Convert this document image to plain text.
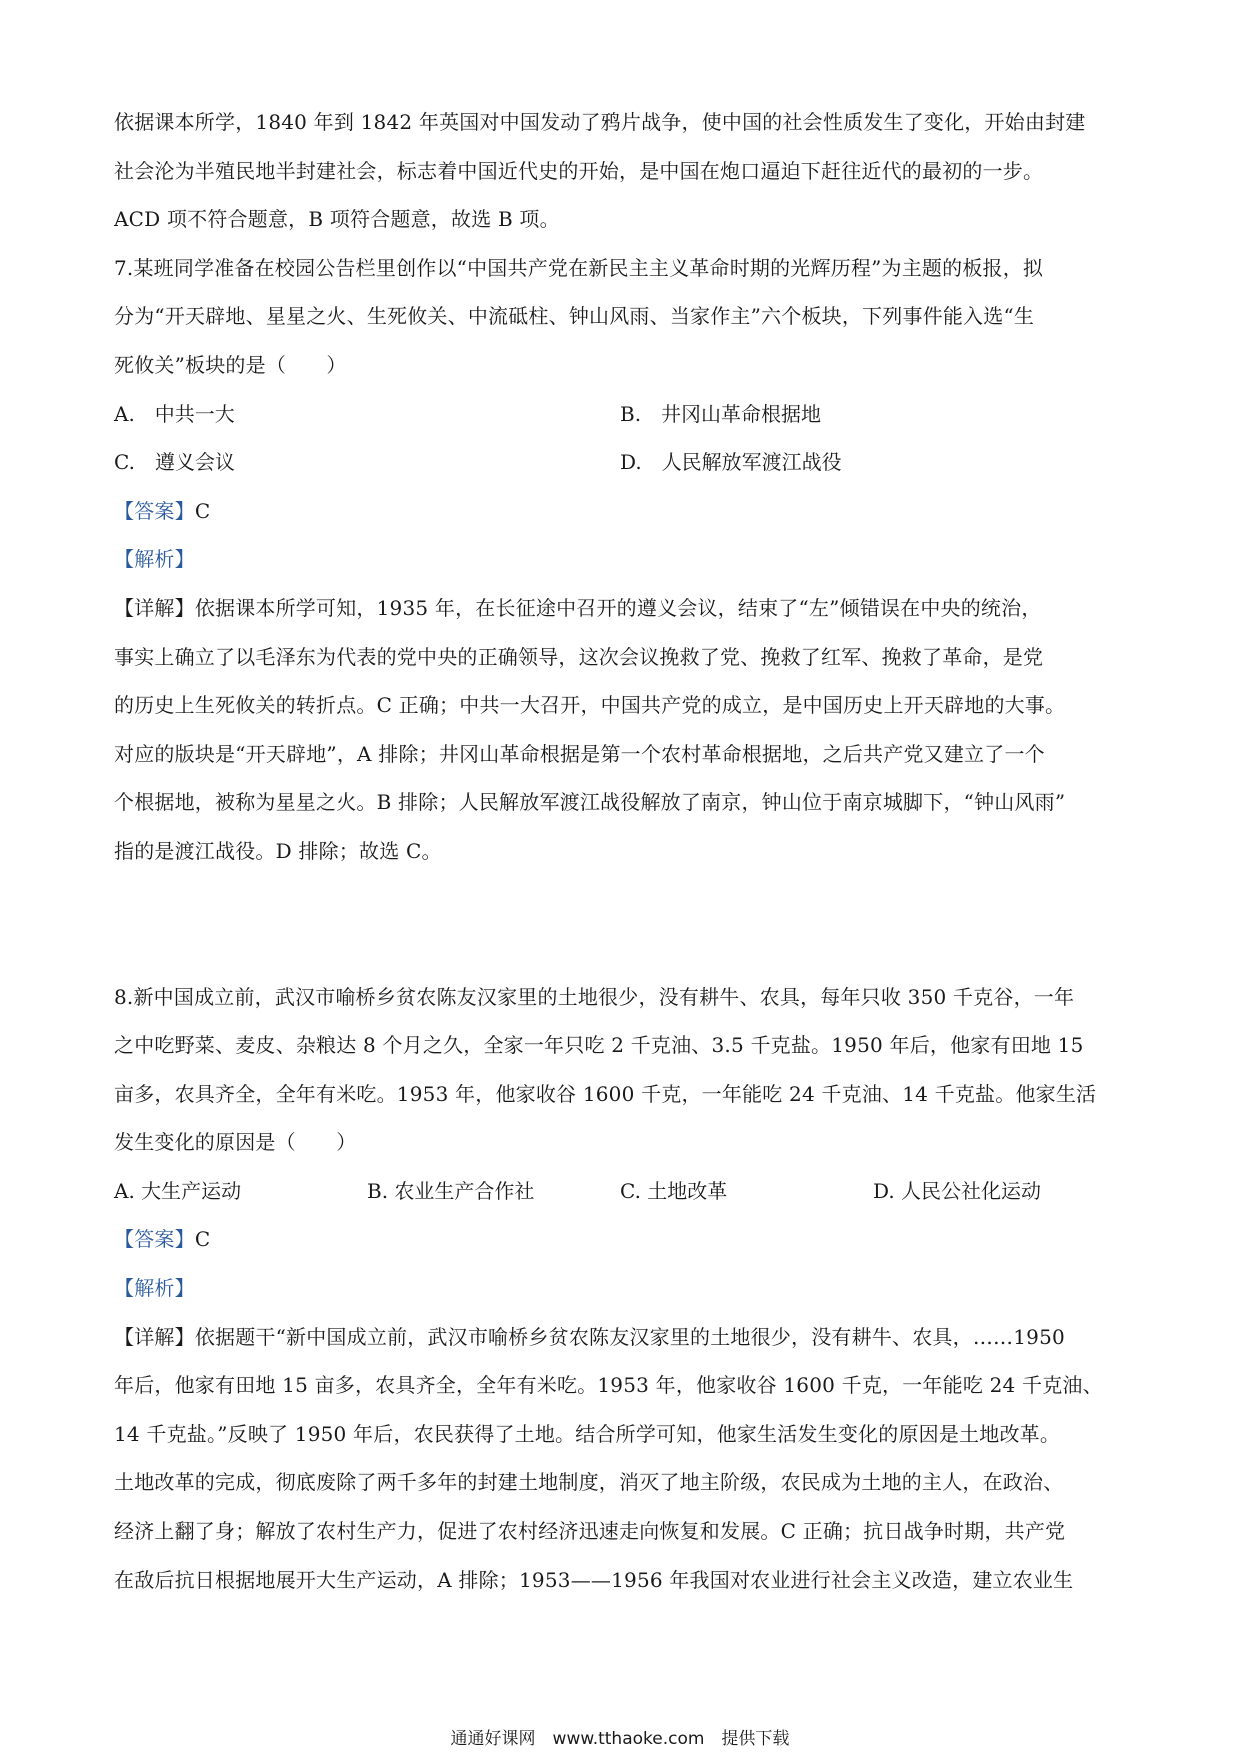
依据课本所学，1840 年到 1842 年英国对中国发动了鸦片战争，使中国的社会性质发生了变化，开始由封建

社会沦为半殖民地半封建社会，标志着中国近代史的开始，是中国在炮口逼迫下赶往近代的最初的一步。

ACD 项不符合题意，B 项符合题意，故选 B 项。

7.某班同学准备在校园公告栏里创作以“中国共产党在新民主主义革命时期的光辉历程”为主题的板报，拟

分为“开天辟地、星星之火、生死攸关、中流砥柱、钟山风雨、当家作主”六个板块，下列事件能入选“生

死攸关”板块的是（　　）

A.　中共一大	B.　井冈山革命根据地
C.　遵义会议	D.　人民解放军渡江战役

【答案】C

【解析】

【详解】依据课本所学可知，1935 年，在长征途中召开的遵义会议，结束了“左”倾错误在中央的统治，

事实上确立了以毛泽东为代表的党中央的正确领导，这次会议挽救了党、挽救了红军、挽救了革命，是党

的历史上生死攸关的转折点。C 正确；中共一大召开，中国共产党的成立，是中国历史上开天辟地的大事。

对应的版块是“开天辟地”，A 排除；井冈山革命根据是第一个农村革命根据地，之后共产党又建立了一个

个根据地，被称为星星之火。B 排除；人民解放军渡江战役解放了南京，钟山位于南京城脚下，“钟山风雨”

指的是渡江战役。D 排除；故选 C。

8.新中国成立前，武汉市喻桥乡贫农陈友汉家里的土地很少，没有耕牛、农具，每年只收 350 千克谷，一年

之中吃野菜、麦皮、杂粮达 8 个月之久，全家一年只吃 2 千克油、3.5 千克盐。1950 年后，他家有田地 15

亩多，农具齐全，全年有米吃。1953 年，他家收谷 1600 千克，一年能吃 24 千克油、14 千克盐。他家生活

发生变化的原因是（　　）

A. 大生产运动	B. 农业生产合作社	C. 土地改革	D. 人民公社化运动

【答案】C

【解析】

【详解】依据题干“新中国成立前，武汉市喻桥乡贫农陈友汉家里的土地很少，没有耕牛、农具，……1950

年后，他家有田地 15 亩多，农具齐全，全年有米吃。1953 年，他家收谷 1600 千克，一年能吃 24 千克油、

14 千克盐。”反映了 1950 年后，农民获得了土地。结合所学可知，他家生活发生变化的原因是土地改革。

土地改革的完成，彻底废除了两千多年的封建土地制度，消灭了地主阶级，农民成为土地的主人，在政治、

经济上翻了身；解放了农村生产力，促进了农村经济迅速走向恢复和发展。C 正确；抗日战争时期，共产党

在敌后抗日根据地展开大生产运动，A 排除；1953——1956 年我国对农业进行社会主义改造，建立农业生

通通好课网　www.tthaoke.com　提供下载
